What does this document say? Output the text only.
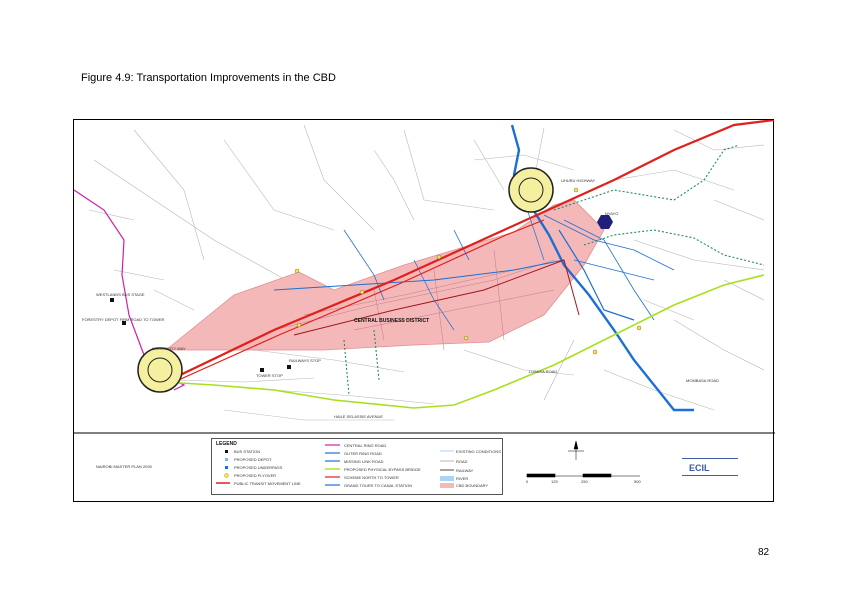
Figure 4.9: Transportation Improvements in the CBD
WESTLANDS BUS STAGE
FORESTRY DEPOT FIRM ROAD TO TOWER
TOWER STOP
RAILWAYS STOP
HAILE SELASSIE AVENUE
LUSAKA ROAD
MOMBASA ROAD
NYAYO
UHURU HIGHWAY
UNIVERSITY WAY
CENTRAL BUSINESS DISTRICT
NAIROBI MASTER PLAN 2030
0	125	250	500
ECIL
LEGEND
BUS STATION
PROPOSED DEPOT
PROPOSED UNDERPASS
PROPOSED FLYOVER
PUBLIC TRANSIT MOVEMENT LINE
CENTRAL RING ROAD
OUTER RING ROAD
MISSING LINK ROAD
PROPOSED PHYSICAL BYPASS BRIDGE
SCHEME NORTH TO TOWER
GRAND TOURS TO CANAL STATION
EXISTING CONDITIONS
ROAD
RAILWAY
RIVER
CBD BOUNDARY
82
